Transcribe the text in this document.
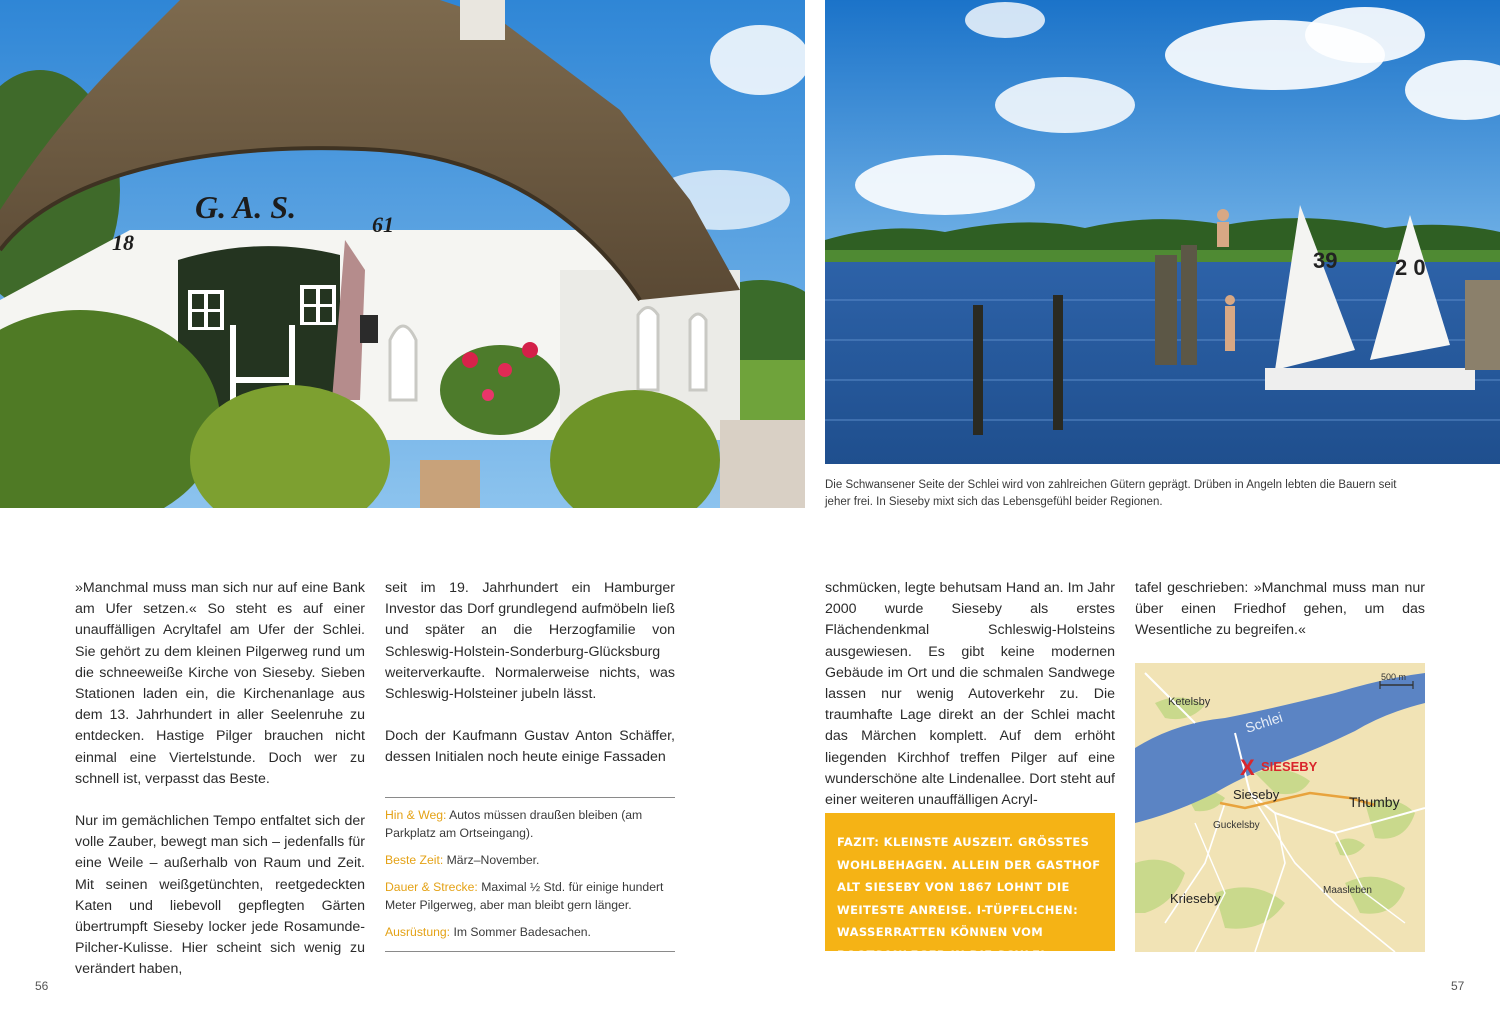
G. A. S.
18
61
39	2 0
Die Schwansener Seite der Schlei wird von zahlreichen Gütern geprägt. Drüben in Angeln lebten die Bauern seit jeher frei. In Sieseby mixt sich das Lebensgefühl beider Regionen.

»Manchmal muss man sich nur auf eine Bank am Ufer setzen.« So steht es auf einer unauffälligen Acryltafel am Ufer der Schlei. Sie gehört zu dem kleinen Pilgerweg rund um die schneeweiße Kirche von Sieseby. Sieben Stationen laden ein, die Kirchenanlage aus dem 13. Jahrhundert in aller Seelenruhe zu entdecken. Hastige Pilger brauchen nicht einmal eine Viertelstunde. Doch wer zu schnell ist, verpasst das Beste.

Nur im gemächlichen Tempo entfaltet sich der volle Zauber, bewegt man sich – jedenfalls für eine Weile – außerhalb von Raum und Zeit. Mit seinen weißgetünchten, reetgedeckten Katen und liebevoll gepflegten Gärten übertrumpft Sieseby locker jede Rosamunde-Pilcher-Kulisse. Hier scheint sich wenig zu verändert haben,

seit im 19. Jahrhundert ein Hamburger Investor das Dorf grundlegend aufmöbeln ließ und später an die Herzogfamilie von Schleswig-Holstein-Sonderburg-Glücksburg weiterverkaufte. Normalerweise nichts, was Schleswig-Holsteiner jubeln lässt.

Doch der Kaufmann Gustav Anton Schäffer, dessen Initialen noch heute einige Fassaden

Hin & Weg: Autos müssen draußen bleiben (am Parkplatz am Ortseingang).
Beste Zeit: März–November.
Dauer & Strecke: Maximal ½ Std. für einige hundert Meter Pilgerweg, aber man bleibt gern länger.
Ausrüstung: Im Sommer Badesachen.

schmücken, legte behutsam Hand an. Im Jahr 2000 wurde Sieseby als erstes Flächendenkmal Schleswig-Holsteins ausgewiesen. Es gibt keine modernen Gebäude im Ort und die schmalen Sandwege lassen nur wenig Autoverkehr zu. Die traumhafte Lage direkt an der Schlei macht das Märchen komplett. Auf dem erhöht liegenden Kirchhof treffen Pilger auf eine wunderschöne alte Lindenallee. Dort steht auf einer weiteren unauffälligen Acryl-

FAZIT: KLEINSTE AUSZEIT. GRÖSSTES WOHLBEHAGEN. ALLEIN DER GASTHOF ALT SIESEBY VON 1867 LOHNT DIE WEITESTE ANREISE. I-TÜPFELCHEN: WASSERRATTEN KÖNNEN VOM BOOTSANLEGER IN DIE SCHLEI HÜPFEN.

tafel geschrieben: »Manchmal muss man nur über einen Friedhof gehen, um das Wesentliche zu begreifen.«

500 m
Ketelsby
Schlei
X SIESEBY
Sieseby	Thumby
Guckelsby
Krieseby
Maasleben
56	57
